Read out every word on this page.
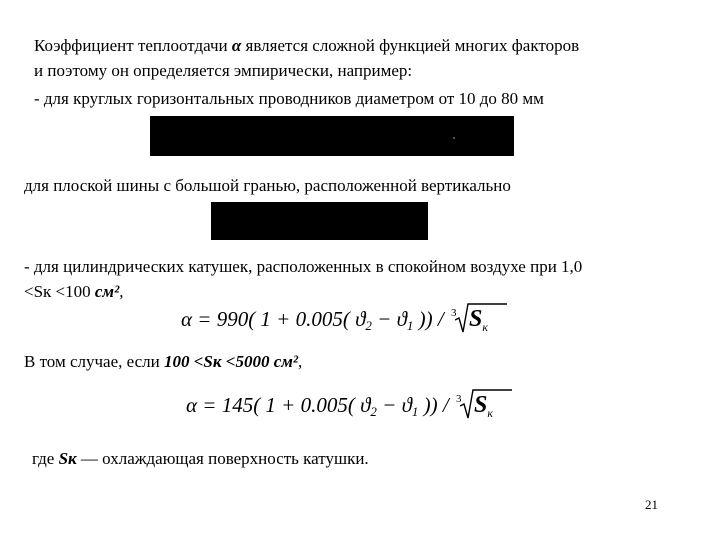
Коэффициент теплоотдачи α является сложной функцией многих факторов
и поэтому он определяется эмпирически, например:
- для круглых горизонтальных проводников диаметром от 10 до 80 мм
для плоской шины с большой гранью, расположенной вертикально
- для цилиндрических катушек, расположенных в спокойном воздухе при 1,0
<Sк <100 см²,
α = 990( 1 + 0.005( $ϑ_2 - ϑ_1$ )) / 3 $S_к$
В том случае, если 100 <Sк <5000 см²,
α = 145( 1 + 0.005( $ϑ_2 - ϑ_1$ )) / 3 $S_к$
где Sк — охлаждающая поверхность катушки.
21
